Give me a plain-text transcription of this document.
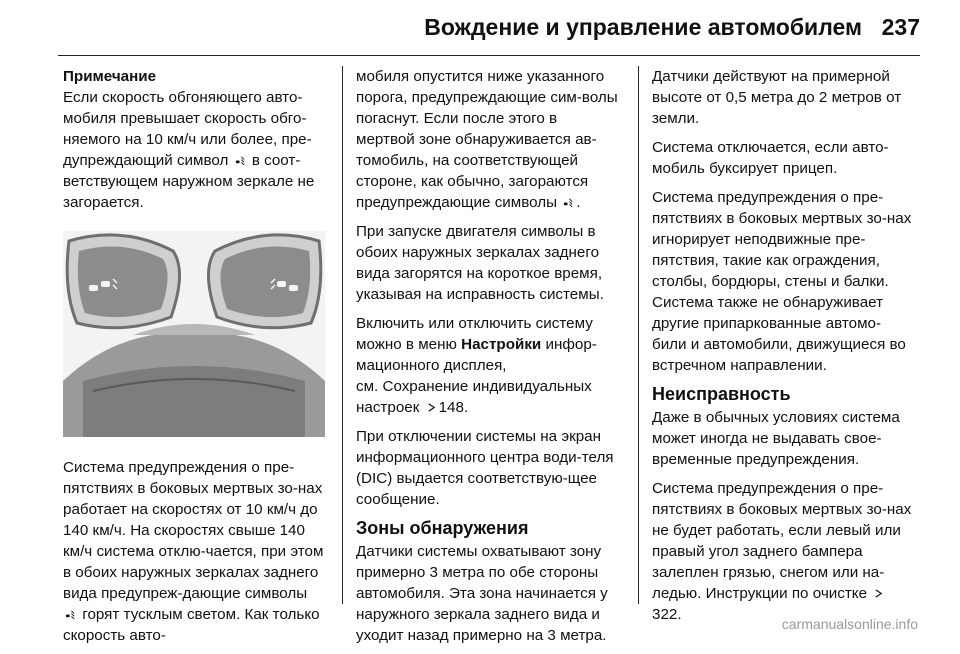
Вождение и управление автомобилем 237
Примечание

Если скорость обгоняющего авто-мобиля превышает скорость обго-няемого на 10 км/ч или более, пре-дупреждающий символ в соот-ветствующем наружном зеркале не загорается.

Система предупреждения о пре-пятствиях в боковых мертвых зо-нах работает на скоростях от 10 км/ч до 140 км/ч. На скоростях свыше 140 км/ч система отклю-чается, при этом в обоих наружных зеркалах заднего вида предупреж-дающие символы  горят тусклым светом. Как только скорость авто-

мобиля опустится ниже указанного порога, предупреждающие сим-волы погаснут. Если после этого в мертвой зоне обнаруживается ав-томобиль, на соответствующей стороне, как обычно, загораются предупреждающие символы .

При запуске двигателя символы в обоих наружных зеркалах заднего вида загорятся на короткое время, указывая на исправность системы.

Включить или отключить систему можно в меню Настройки инфор-мационного дисплея,
см. Сохранение индивидуальных настроек 148.

При отключении системы на экран информационного центра води-теля (DIC) выдается соответствую-щее сообщение.

Зоны обнаружения

Датчики системы охватывают зону примерно 3 метра по обе стороны автомобиля. Эта зона начинается у наружного зеркала заднего вида и уходит назад примерно на 3 метра.

Датчики действуют на примерной высоте от 0,5 метра до 2 метров от земли.

Система отключается, если авто-мобиль буксирует прицеп.

Система предупреждения о пре-пятствиях в боковых мертвых зо-нах игнорирует неподвижные пре-пятствия, такие как ограждения, столбы, бордюры, стены и балки. Система также не обнаруживает другие припаркованные автомо-били и автомобили, движущиеся во встречном направлении.

Неисправность

Даже в обычных условиях система может иногда не выдавать свое-временные предупреждения.

Система предупреждения о пре-пятствиях в боковых мертвых зо-нах не будет работать, если левый или правый угол заднего бампера залеплен грязью, снегом или на-ледью. Инструкции по очистке 322.

carmanualsonline.info
